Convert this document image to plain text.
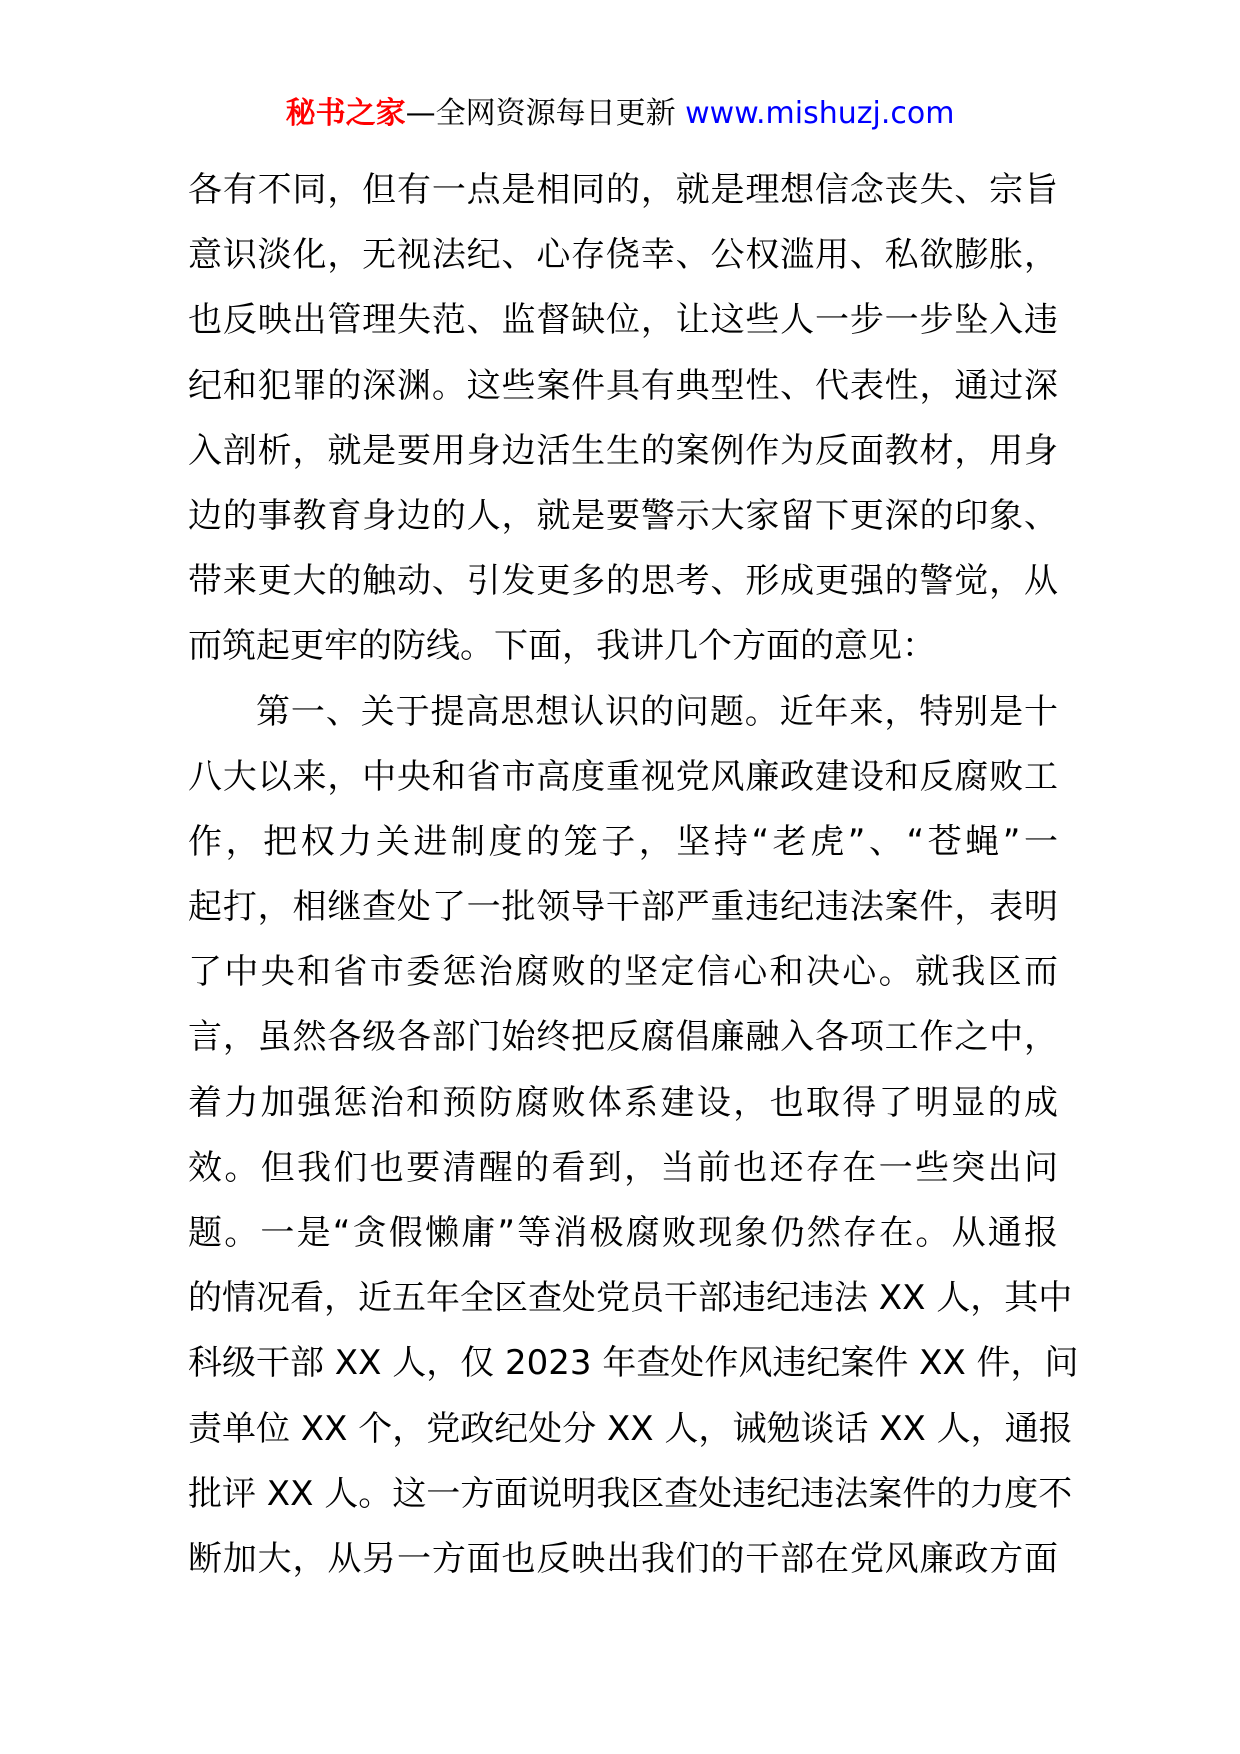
秘书之家—全网资源每日更新 www.mishuzj.com
各有不同，但有一点是相同的，就是理想信念丧失、宗旨
意识淡化，无视法纪、心存侥幸、公权滥用、私欲膨胀，
也反映出管理失范、监督缺位，让这些人一步一步坠入违
纪和犯罪的深渊。这些案件具有典型性、代表性，通过深
入剖析，就是要用身边活生生的案例作为反面教材，用身
边的事教育身边的人，就是要警示大家留下更深的印象、
带来更大的触动、引发更多的思考、形成更强的警觉，从
而筑起更牢的防线。下面，我讲几个方面的意见：
第一、关于提高思想认识的问题。近年来，特别是十
八大以来，中央和省市高度重视党风廉政建设和反腐败工
作，把权力关进制度的笼子，坚持“老虎”、“苍蝇”一
起打，相继查处了一批领导干部严重违纪违法案件，表明
了中央和省市委惩治腐败的坚定信心和决心。就我区而
言，虽然各级各部门始终把反腐倡廉融入各项工作之中，
着力加强惩治和预防腐败体系建设，也取得了明显的成
效。但我们也要清醒的看到，当前也还存在一些突出问
题。一是“贪假懒庸”等消极腐败现象仍然存在。从通报
的情况看，近五年全区查处党员干部违纪违法 XX 人，其中
科级干部 XX 人，仅 2023 年查处作风违纪案件 XX 件，问
责单位 XX 个，党政纪处分 XX 人，诫勉谈话 XX 人，通报
批评 XX 人。这一方面说明我区查处违纪违法案件的力度不
断加大，从另一方面也反映出我们的干部在党风廉政方面
